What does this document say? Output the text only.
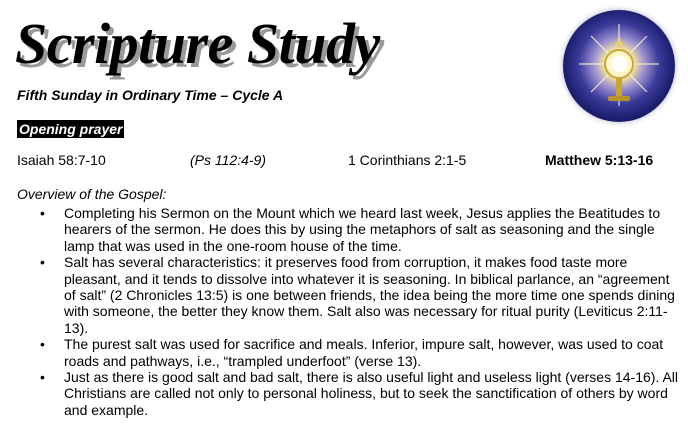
Scripture Study
Fifth Sunday in Ordinary Time – Cycle A
Opening prayer
Isaiah 58:7-10	(Ps 112:4-9)	1 Corinthians 2:1-5	Matthew 5:13-16
Overview of the Gospel:
• Completing his Sermon on the Mount which we heard last week, Jesus applies the Beatitudes to hearers of the sermon. He does this by using the metaphors of salt as seasoning and the single lamp that was used in the one-room house of the time.
• Salt has several characteristics: it preserves food from corruption, it makes food taste more pleasant, and it tends to dissolve into whatever it is seasoning. In biblical parlance, an “agreement of salt” (2 Chronicles 13:5) is one between friends, the idea being the more time one spends dining with someone, the better they know them. Salt also was necessary for ritual purity (Leviticus 2:11-13).
• The purest salt was used for sacrifice and meals. Inferior, impure salt, however, was used to coat roads and pathways, i.e., “trampled underfoot” (verse 13).
• Just as there is good salt and bad salt, there is also useful light and useless light (verses 14-16). All Christians are called not only to personal holiness, but to seek the sanctification of others by word and example.
